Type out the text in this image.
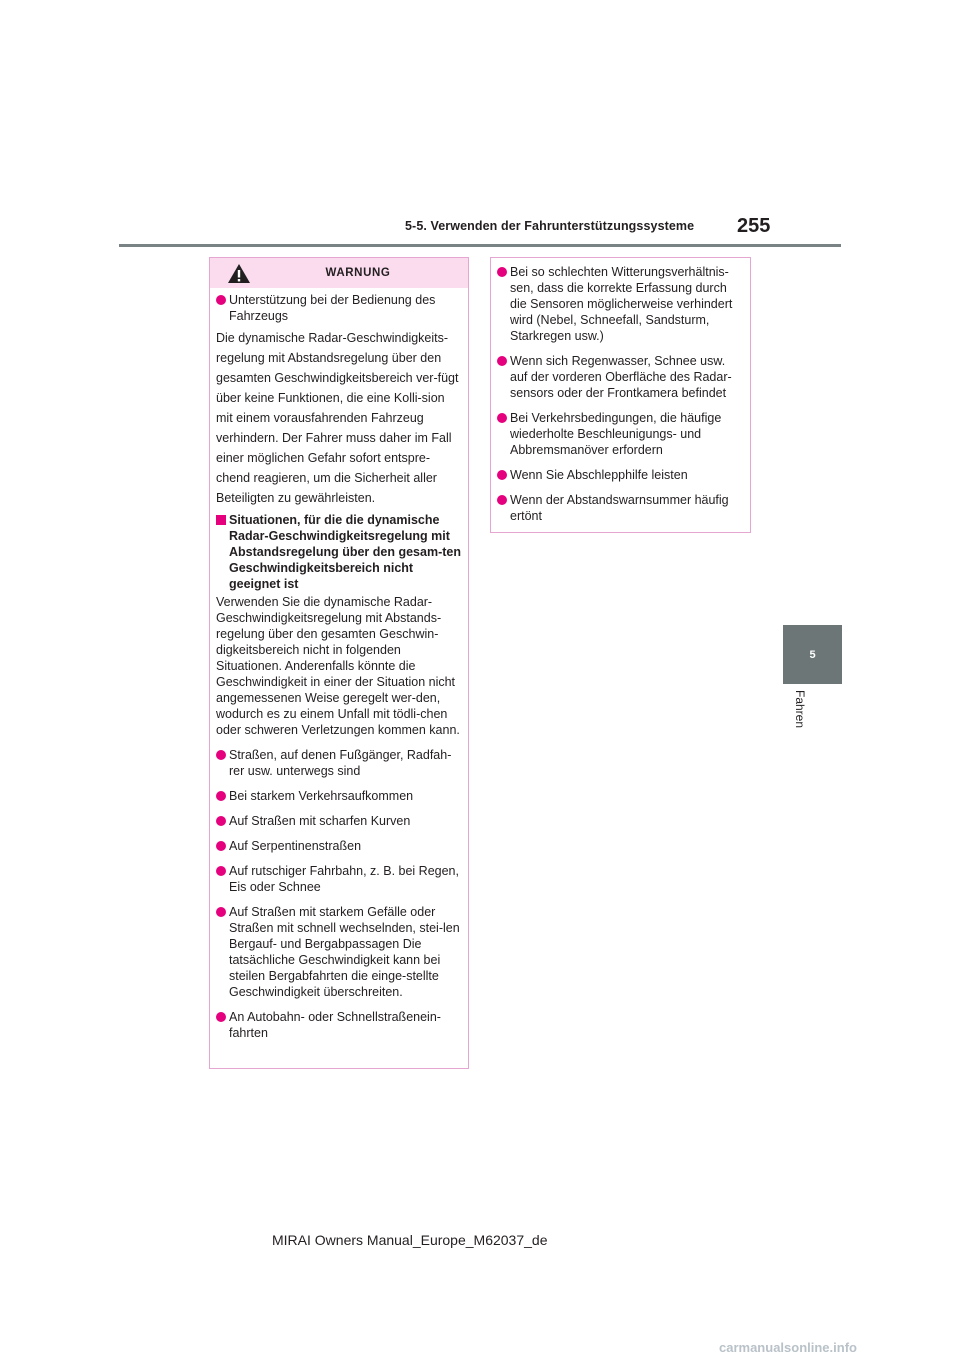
5-5. Verwenden der Fahrunterstützungssysteme 255
5
Fahren
WARNUNG
Unterstützung bei der Bedienung des Fahrzeugs
Die dynamische Radar-Geschwindigkeits-regelung mit Abstandsregelung über den gesamten Geschwindigkeitsbereich ver-fügt über keine Funktionen, die eine Kolli-sion mit einem vorausfahrenden Fahrzeug verhindern. Der Fahrer muss daher im Fall einer möglichen Gefahr sofort entspre-chend reagieren, um die Sicherheit aller Beteiligten zu gewährleisten.
Situationen, für die die dynamische Radar-Geschwindigkeitsregelung mit Abstandsregelung über den gesam-ten Geschwindigkeitsbereich nicht geeignet ist
Verwenden Sie die dynamische Radar-Geschwindigkeitsregelung mit Abstands-regelung über den gesamten Geschwin-digkeitsbereich nicht in folgenden Situationen. Anderenfalls könnte die Geschwindigkeit in einer der Situation nicht angemessenen Weise geregelt wer-den, wodurch es zu einem Unfall mit tödli-chen oder schweren Verletzungen kommen kann.
Straßen, auf denen Fußgänger, Radfah-rer usw. unterwegs sind
Bei starkem Verkehrsaufkommen
Auf Straßen mit scharfen Kurven
Auf Serpentinenstraßen
Auf rutschiger Fahrbahn, z. B. bei Regen, Eis oder Schnee
Auf Straßen mit starkem Gefälle oder Straßen mit schnell wechselnden, stei-len Bergauf- und Bergabpassagen Die tatsächliche Geschwindigkeit kann bei steilen Bergabfahrten die einge-stellte Geschwindigkeit überschreiten.
An Autobahn- oder Schnellstraßenein-fahrten
Bei so schlechten Witterungsverhältnis-sen, dass die korrekte Erfassung durch die Sensoren möglicherweise verhindert wird (Nebel, Schneefall, Sandsturm, Starkregen usw.)
Wenn sich Regenwasser, Schnee usw. auf der vorderen Oberfläche des Radar-sensors oder der Frontkamera befindet
Bei Verkehrsbedingungen, die häufige wiederholte Beschleunigungs- und Abbremsmanöver erfordern
Wenn Sie Abschlepphilfe leisten
Wenn der Abstandswarnsummer häufig ertönt
MIRAI Owners Manual_Europe_M62037_de
carmanualsonline.info
